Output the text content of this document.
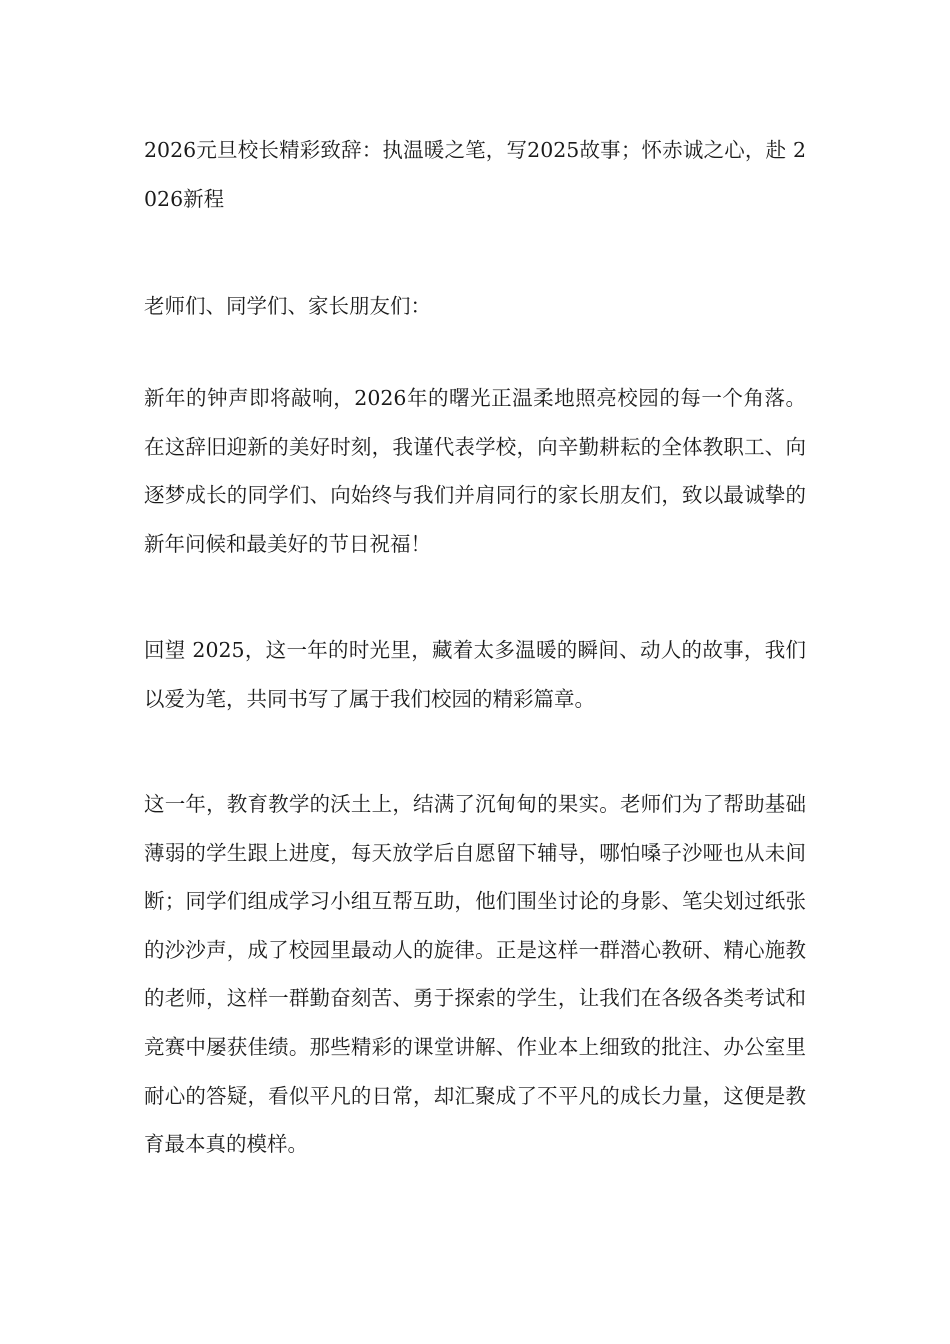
2026元旦校长精彩致辞：执温暖之笔，写2025故事；怀赤诚之心，赴 2026新程

老师们、同学们、家长朋友们：

新年的钟声即将敲响，2026年的曙光正温柔地照亮校园的每一个角落。在这辞旧迎新的美好时刻，我谨代表学校，向辛勤耕耘的全体教职工、向逐梦成长的同学们、向始终与我们并肩同行的家长朋友们，致以最诚挚的新年问候和最美好的节日祝福！

回望 2025，这一年的时光里，藏着太多温暖的瞬间、动人的故事，我们以爱为笔，共同书写了属于我们校园的精彩篇章。

这一年，教育教学的沃土上，结满了沉甸甸的果实。老师们为了帮助基础薄弱的学生跟上进度，每天放学后自愿留下辅导，哪怕嗓子沙哑也从未间断；同学们组成学习小组互帮互助，他们围坐讨论的身影、笔尖划过纸张的沙沙声，成了校园里最动人的旋律。正是这样一群潜心教研、精心施教的老师，这样一群勤奋刻苦、勇于探索的学生，让我们在各级各类考试和竞赛中屡获佳绩。那些精彩的课堂讲解、作业本上细致的批注、办公室里耐心的答疑，看似平凡的日常，却汇聚成了不平凡的成长力量，这便是教育最本真的模样。
